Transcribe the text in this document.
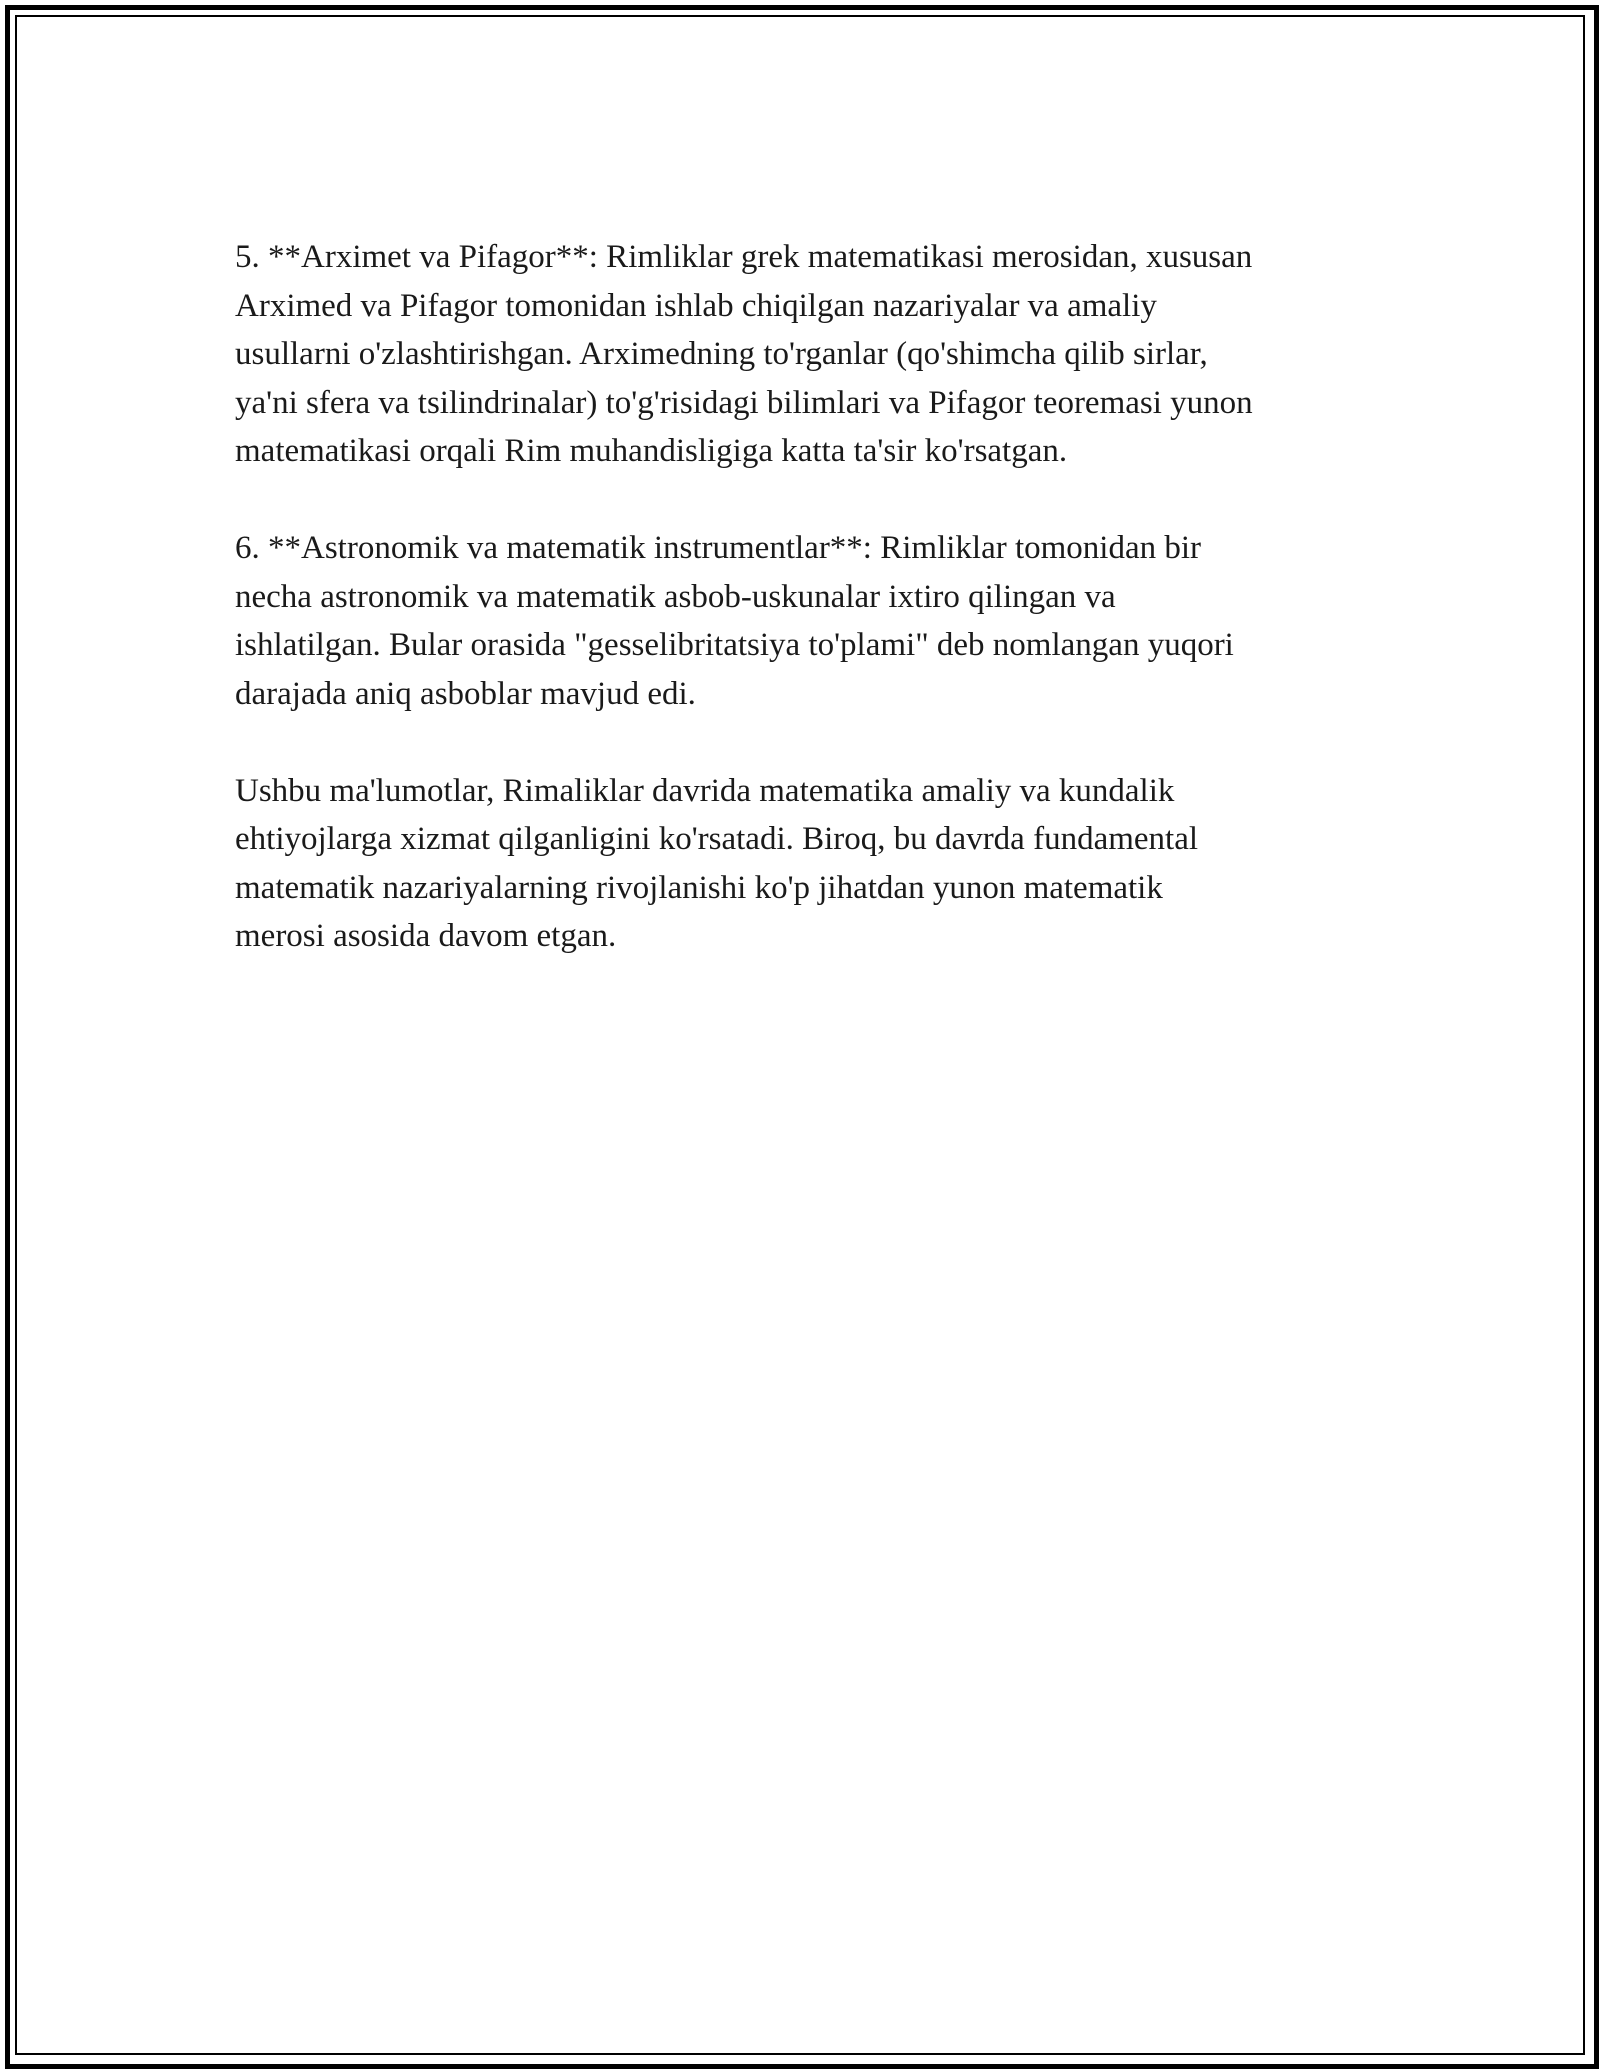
5. **Arximet va Pifagor**: Rimliklar grek matematikasi merosidan, xususan
Arximed va Pifagor tomonidan ishlab chiqilgan nazariyalar va amaliy
usullarni o'zlashtirishgan. Arximedning to'rganlar (qo'shimcha qilib sirlar,
ya'ni sfera va tsilindrinalar) to'g'risidagi bilimlari va Pifagor teoremasi yunon
matematikasi orqali Rim muhandisligiga katta ta'sir ko'rsatgan.

6. **Astronomik va matematik instrumentlar**: Rimliklar tomonidan bir
necha astronomik va matematik asbob-uskunalar ixtiro qilingan va
ishlatilgan. Bular orasida "gesselibritatsiya to'plami" deb nomlangan yuqori
darajada aniq asboblar mavjud edi.

Ushbu ma'lumotlar, Rimaliklar davrida matematika amaliy va kundalik
ehtiyojlarga xizmat qilganligini ko'rsatadi. Biroq, bu davrda fundamental
matematik nazariyalarning rivojlanishi ko'p jihatdan yunon matematik
merosi asosida davom etgan.
